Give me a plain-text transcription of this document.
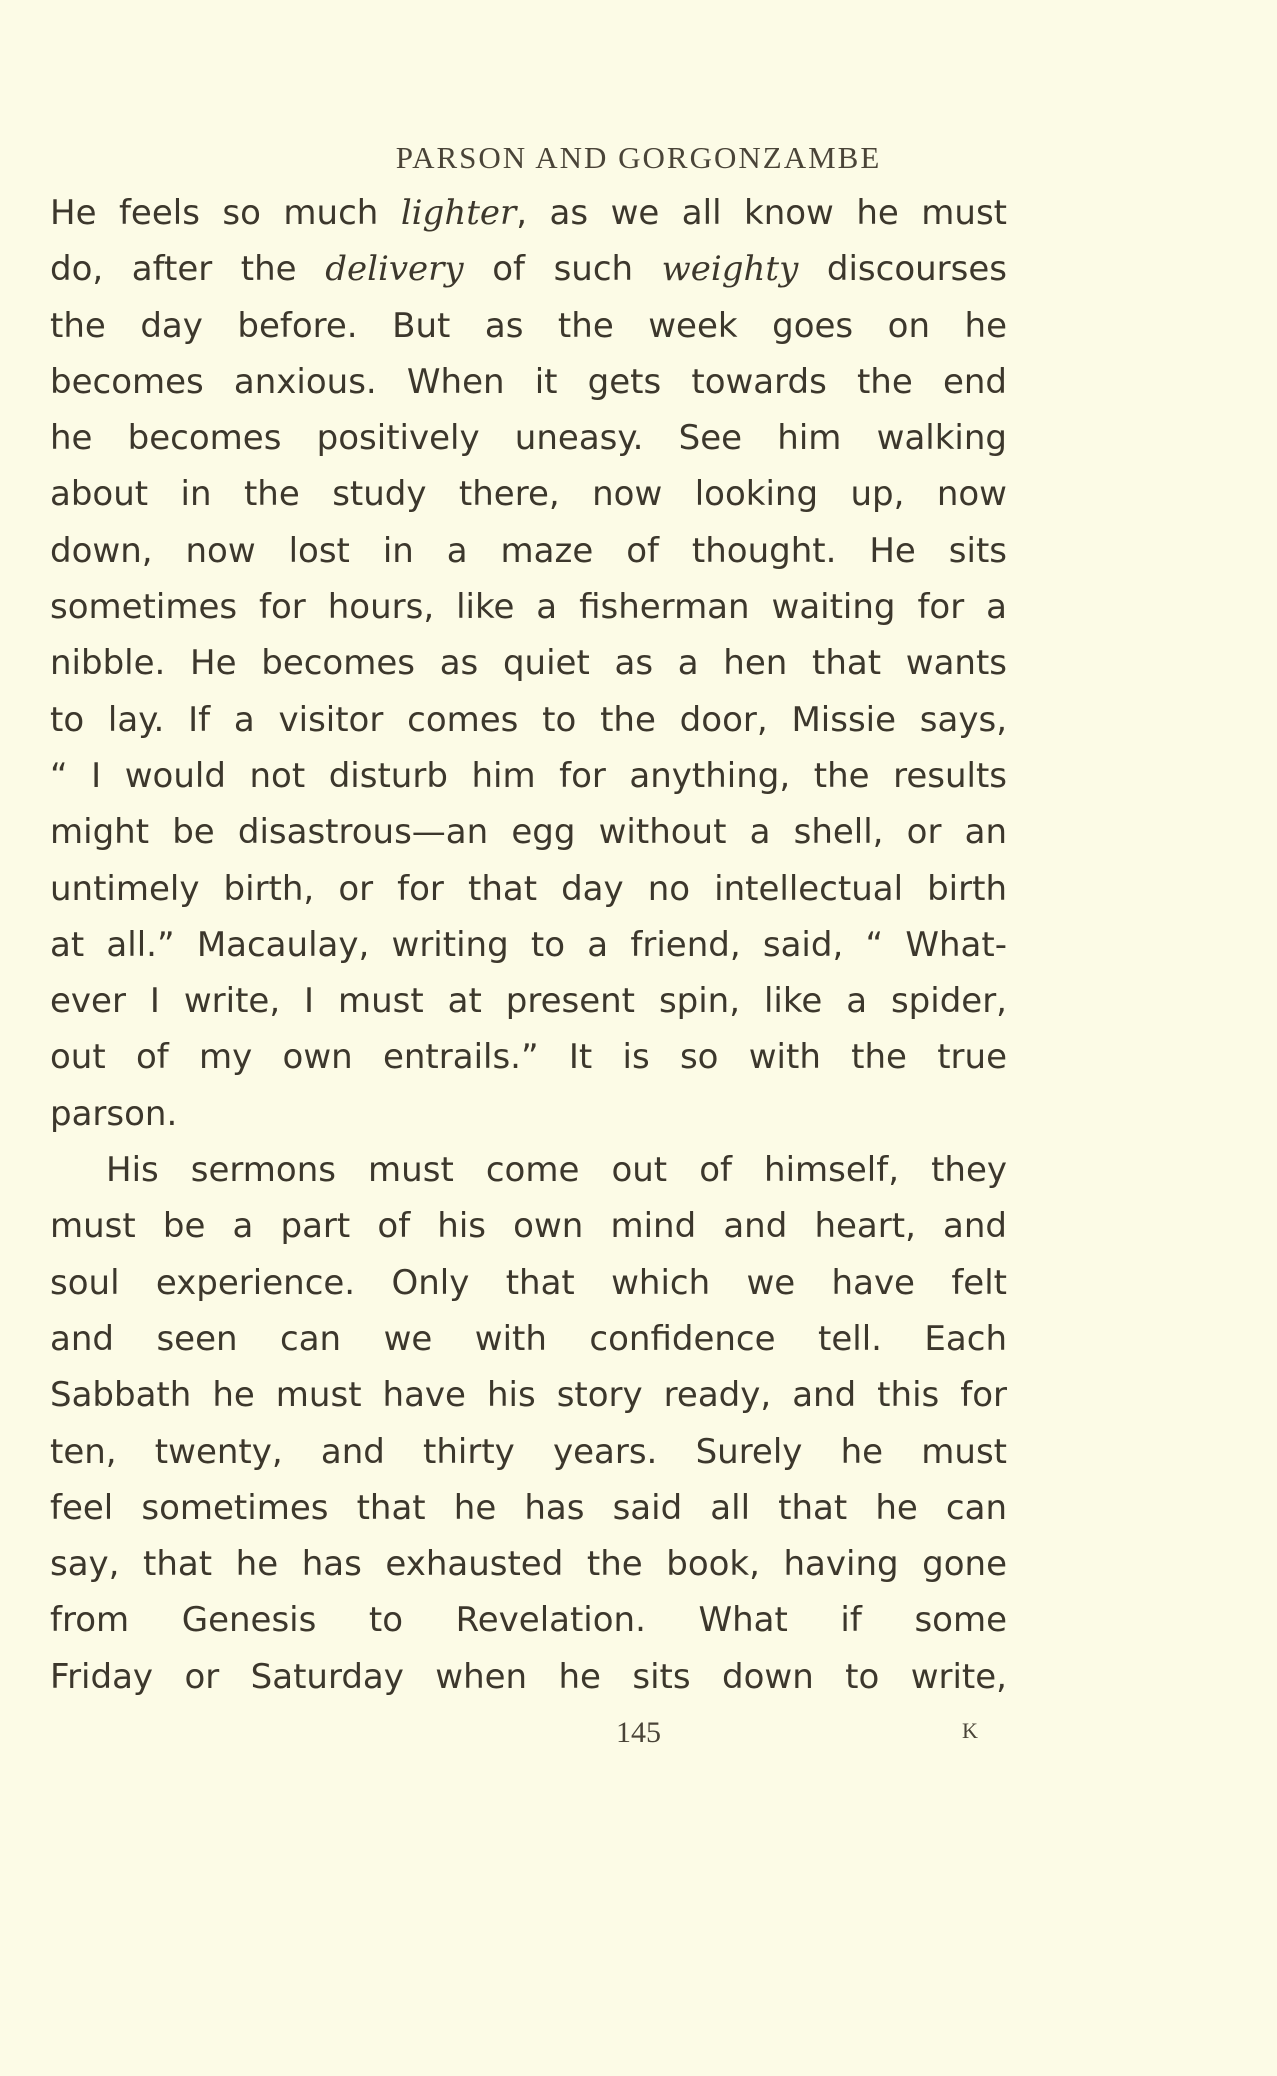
PARSON AND GORGONZAMBE
He feels so much lighter, as we all know he must
do, after the delivery of such weighty discourses
the day before. But as the week goes on he
becomes anxious. When it gets towards the end
he becomes positively uneasy. See him walking
about in the study there, now looking up, now
down, now lost in a maze of thought. He sits
sometimes for hours, like a fisherman waiting for a
nibble. He becomes as quiet as a hen that wants
to lay. If a visitor comes to the door, Missie says,
“ I would not disturb him for anything, the results
might be disastrous—an egg without a shell, or an
untimely birth, or for that day no intellectual birth
at all.” Macaulay, writing to a friend, said, “ What-
ever I write, I must at present spin, like a spider,
out of my own entrails.” It is so with the true
parson.
His sermons must come out of himself, they
must be a part of his own mind and heart, and
soul experience. Only that which we have felt
and seen can we with confidence tell. Each
Sabbath he must have his story ready, and this for
ten, twenty, and thirty years. Surely he must
feel sometimes that he has said all that he can
say, that he has exhausted the book, having gone
from Genesis to Revelation. What if some
Friday or Saturday when he sits down to write,
145	K
